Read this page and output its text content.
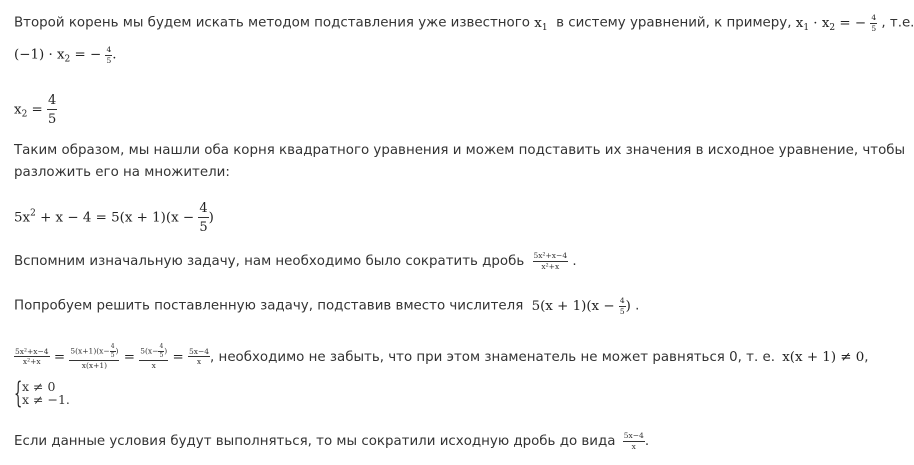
Второй корень мы будем искать методом подставления уже известного $x_1$ в систему уравнений, к примеру, $x_1 \cdot x_2$ = − $\frac{4}{5}$ , т.е.
$(-1) \cdot x_2$ = − $\frac{4}{5}$ .
$x_2 = \frac{4}{5}$
Таким образом, мы нашли оба корня квадратного уравнения и можем подставить их значения в исходное уравнение, чтобы
разложить его на множители:
$5x^2 + x - 4 = 5(x + 1)(x - \frac{4}{5}$ )
Вспомним изначальную задачу, нам необходимо было сократить дробь $\frac{\text{5x²+x−4}}{\text{x²+x}}$ .
Попробуем решить поставленную задачу, подставив вместо числителя $5(x + 1)(x - \frac{4}{5}$ ) .
$\frac{\text{5x²+x−4}}{\text{x²+x}} = \frac{5(x+1)(x- \frac{4}{5} )}{x(x+1)} = \frac{5(x- \frac{4}{5} )}{x} = \frac{5x-4}{x}$ , необходимо не забыть, что при этом знаменатель не может равняться 0, т. е. x(x + 1) ≠ 0,
{ x ≠ 0
x ≠ −1.
Если данные условия будут выполняться, то мы сократили исходную дробь до вида $\frac{5x-4}{x}$ .
